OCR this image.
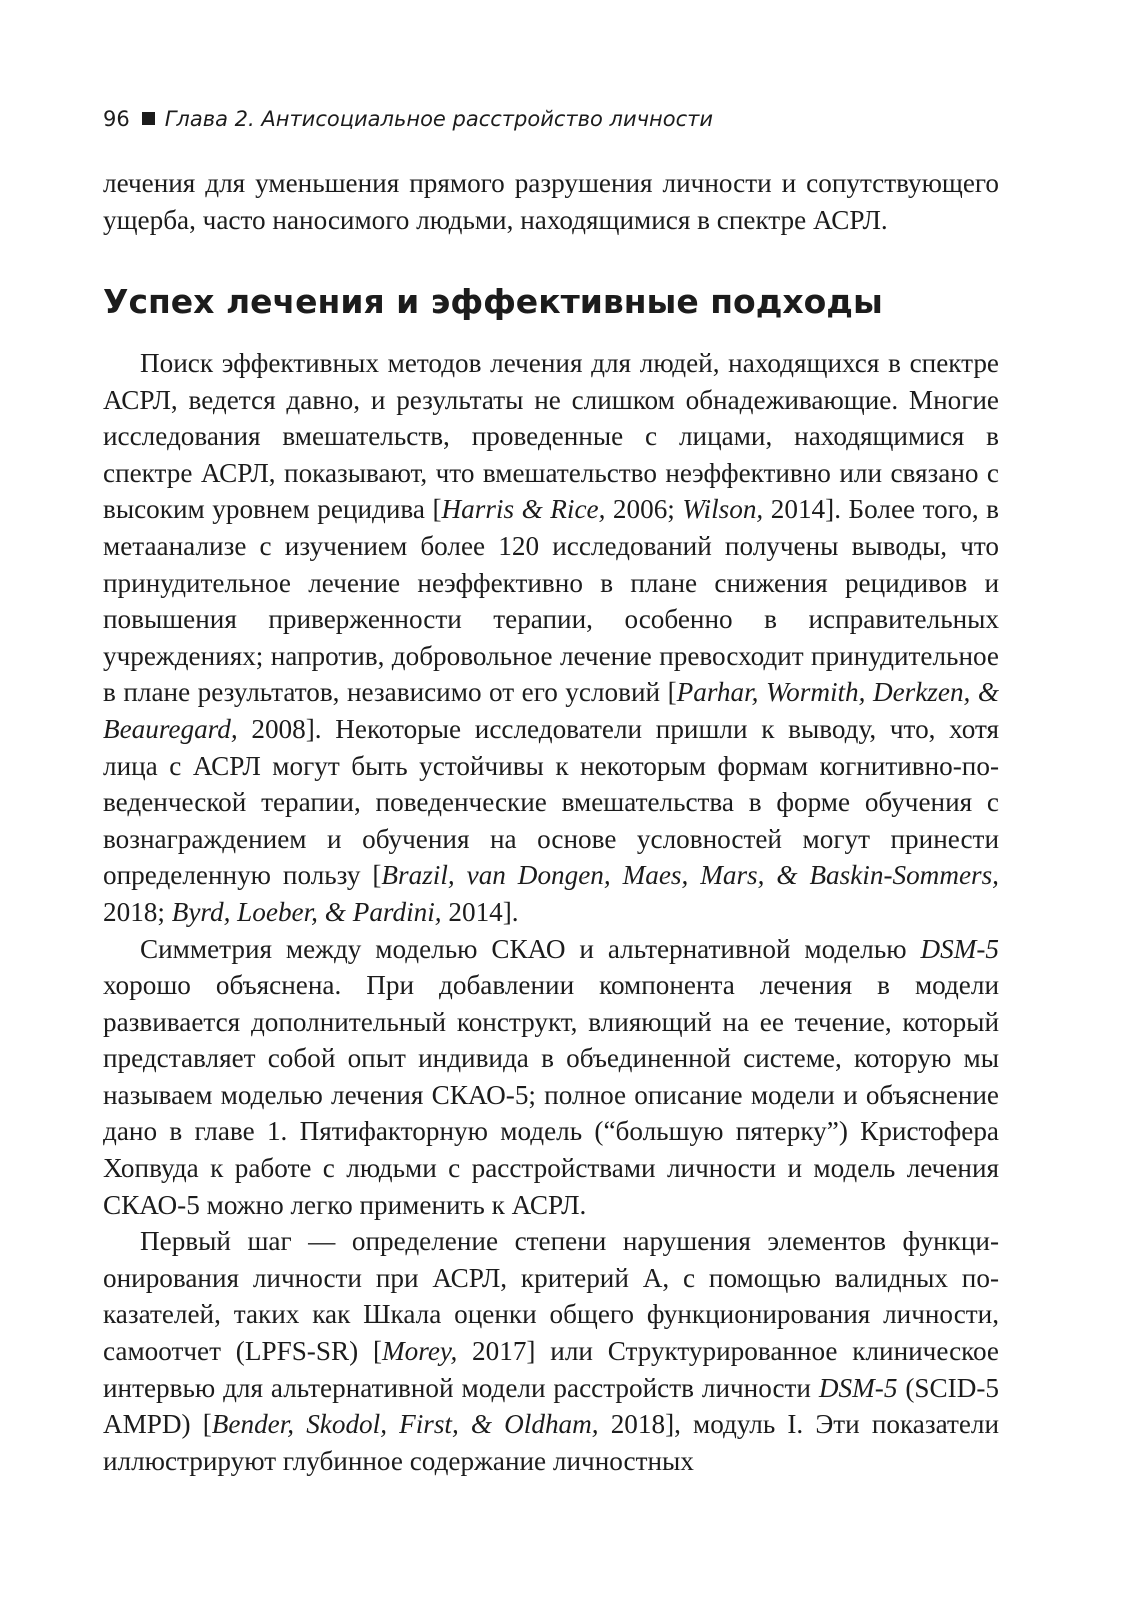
96 Глава 2. Антисоциальное расстройство личности

лечения для уменьшения прямого разрушения личности и сопутствующего ущерба, часто наносимого людьми, находящимися в спектре АСРЛ.

Успех лечения и эффективные подходы

Поиск эффективных методов лечения для людей, находящихся в спектре АСРЛ, ведется давно, и результаты не слишком обнадеживающие. Многие исследования вмешательств, проведенные с лицами, находящимися в спектре АСРЛ, показывают, что вмешательство неэффективно или связано с высоким уровнем рецидива [Harris & Rice, 2006; Wilson, 2014]. Более того, в метаанализе с изучением более 120 исследований получены выводы, что принудительное лечение неэффективно в плане снижения рецидивов и повышения приверженности терапии, особенно в исправительных учреждениях; напротив, добровольное лечение превосходит принудительное в плане результатов, независимо от его условий [Parhar, Wormith, Derkzen, & Beauregard, 2008]. Некоторые исследователи пришли к выводу, что, хотя лица с АСРЛ могут быть устойчивы к некоторым формам когнитивно-поведенческой терапии, поведенческие вмешательства в форме обучения с вознаграждением и обучения на основе условностей могут принести определенную пользу [Brazil, van Dongen, Maes, Mars, & Baskin-Sommers, 2018; Byrd, Loeber, & Pardini, 2014].

Симметрия между моделью СКАО и альтернативной моделью DSM-5 хорошо объяснена. При добавлении компонента лечения в модели развивается дополнительный конструкт, влияющий на ее течение, который представляет собой опыт индивида в объединенной системе, которую мы называем моделью лечения СКАО-5; полное описание модели и объяснение дано в главе 1. Пятифакторную модель (“большую пятерку”) Кристофера Хопвуда к работе с людьми с расстройствами личности и модель лечения СКАО-5 можно легко применить к АСРЛ.

Первый шаг — определение степени нарушения элементов функционирования личности при АСРЛ, критерий А, с помощью валидных показателей, таких как Шкала оценки общего функционирования личности, самоотчет (LPFS-SR) [Morey, 2017] или Структурированное клиническое интервью для альтернативной модели расстройств личности DSM-5 (SCID-5 AMPD) [Bender, Skodol, First, & Oldham, 2018], модуль I. Эти показатели иллюстрируют глубинное содержание личностных
